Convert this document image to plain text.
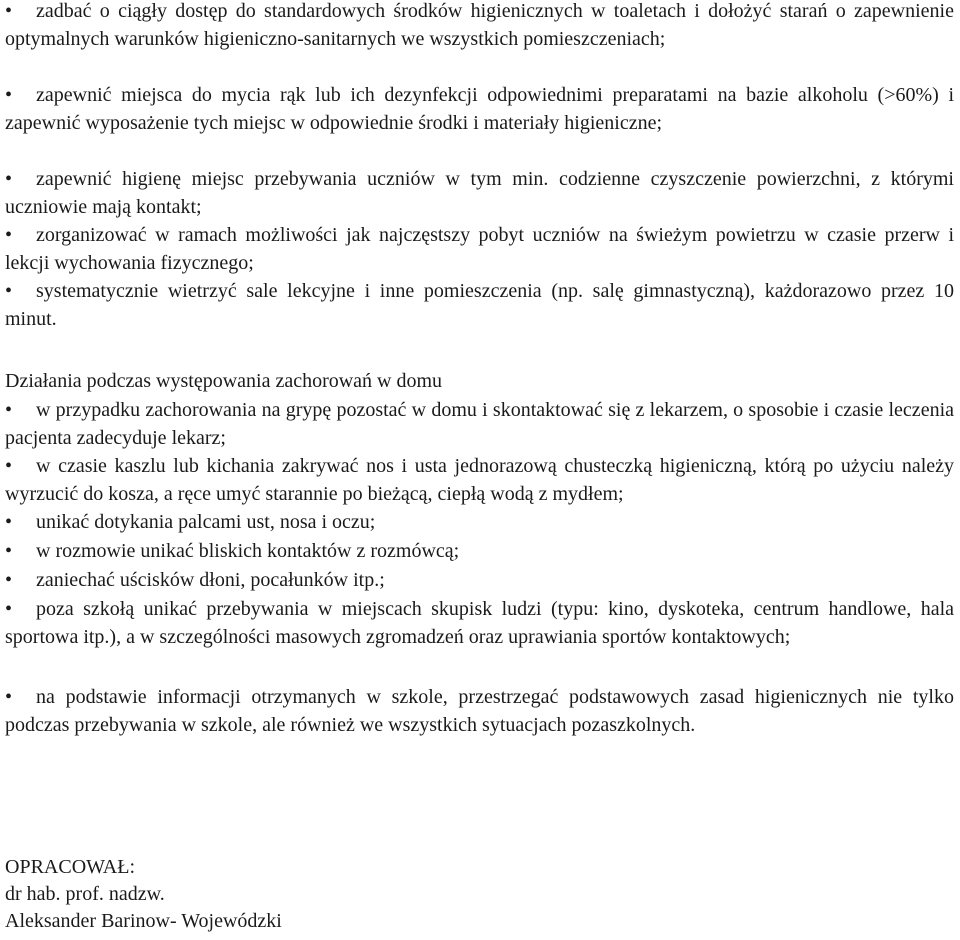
• zadbać o ciągły dostęp do standardowych środków higienicznych w toaletach i dołożyć starań o zapewnienie optymalnych warunków higieniczno-sanitarnych we wszystkich pomieszczeniach;

• zapewnić miejsca do mycia rąk lub ich dezynfekcji odpowiednimi preparatami na bazie alkoholu (>60%) i zapewnić wyposażenie tych miejsc w odpowiednie środki i materiały higieniczne;

• zapewnić higienę miejsc przebywania uczniów w tym min. codzienne czyszczenie powierzchni, z którymi uczniowie mają kontakt;

• zorganizować w ramach możliwości jak najczęstszy pobyt uczniów na świeżym powietrzu w czasie przerw i lekcji wychowania fizycznego;

• systematycznie wietrzyć sale lekcyjne i inne pomieszczenia (np. salę gimnastyczną), każdorazowo przez 10 minut.

Działania podczas występowania zachorowań w domu

• w przypadku zachorowania na grypę pozostać w domu i skontaktować się z lekarzem, o sposobie i czasie leczenia pacjenta zadecyduje lekarz;

• w czasie kaszlu lub kichania zakrywać nos i usta jednorazową chusteczką higieniczną, którą po użyciu należy wyrzucić do kosza, a ręce umyć starannie po bieżącą, ciepłą wodą z mydłem;

• unikać dotykania palcami ust, nosa i oczu;

• w rozmowie unikać bliskich kontaktów z rozmówcą;

• zaniechać uścisków dłoni, pocałunków itp.;

• poza szkołą unikać przebywania w miejscach skupisk ludzi (typu: kino, dyskoteka, centrum handlowe, hala sportowa itp.), a w szczególności masowych zgromadzeń oraz uprawiania sportów kontaktowych;

• na podstawie informacji otrzymanych w szkole, przestrzegać podstawowych zasad higienicznych nie tylko podczas przebywania w szkole, ale również we wszystkich sytuacjach pozaszkolnych.

OPRACOWAŁ:

dr hab. prof. nadzw.

Aleksander Barinow- Wojewódzki
